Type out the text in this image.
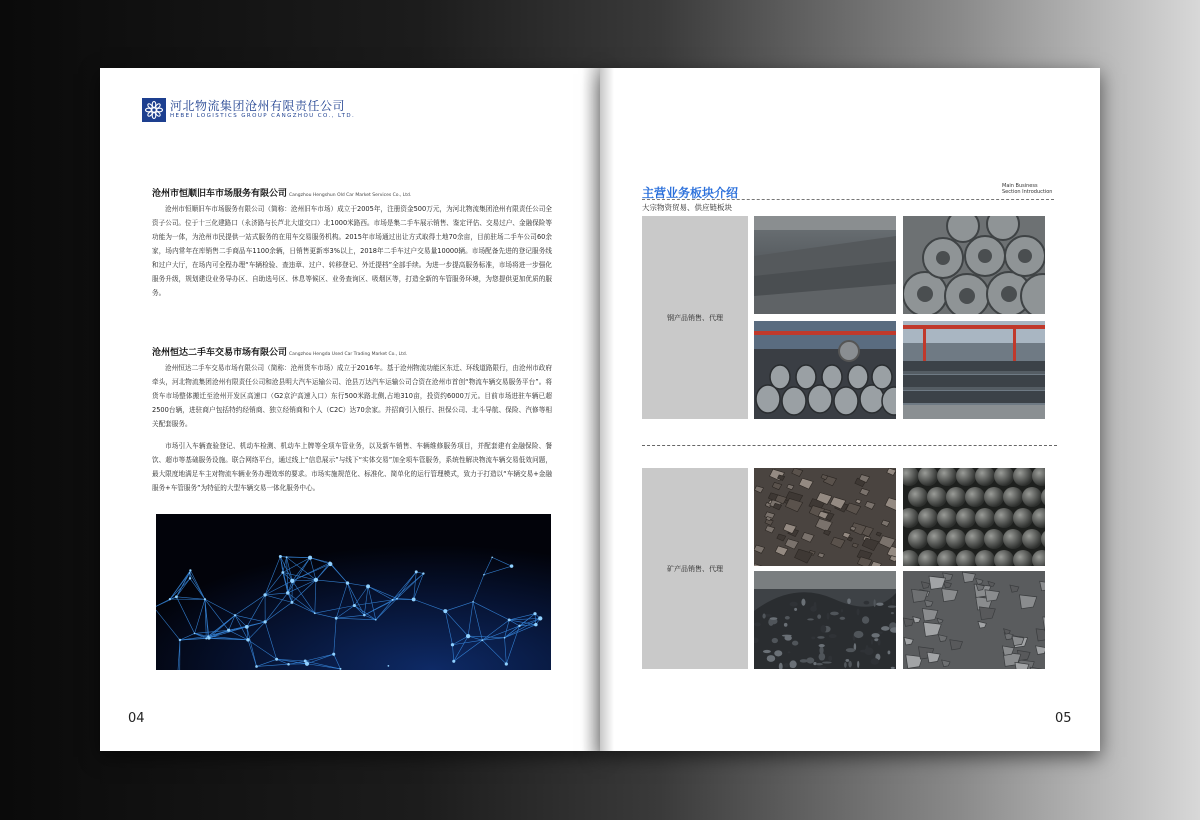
河北物流集团沧州有限责任公司
HEBEI LOGISTICS GROUP CANGZHOU CO., LTD.
沧州市恒顺旧车市场服务有限公司 Cangzhou Hengshun Old Car Market Services Co., Ltd.

沧州市恒顺旧车市场服务有限公司（简称：沧州旧车市场）成立于2005年，注册资金500万元，为河北物流集团沧州有限责任公司全资子公司。位于十三化建路口（永济路与长芦北大道交口）北1000米路西。市场是集二手车展示销售、鉴定评估、交易过户、金融保险等功能为一体，为沧州市民提供一站式服务的在用车交易服务机构。2015年市场通过出让方式取得土地70余亩，目前驻场二手车公司60余家，场内常年在库销售二手商品车1100余辆，日销售更新率3%以上，2018年二手车过户交易量10000辆。市场配备先进的登记服务线和过户大厅，在场内可全程办理“车辆检验、查违章、过户、转移登记、外迁提档”全部手续。为进一步提高服务标准，市场将进一步强化服务升级，规划建设业务导办区、自助选号区、休息等候区、业务查询区、吸烟区等，打造全新的车管服务环境，为您提供更加优质的服务。

沧州恒达二手车交易市场有限公司 Cangzhou Hengda Used Car Trading Market Co., Ltd.

沧州恒达二手车交易市场有限公司（简称：沧州货车市场）成立于2016年。基于沧州物流功能区东迁、环线道路限行，由沧州市政府牵头，河北物流集团沧州有限责任公司和沧县明大汽车运输公司、沧县万达汽车运输公司合资在沧州市首创“物流车辆交易服务平台”。将货车市场整体搬迁至沧州开发区高速口（G2京沪高速入口）东行500米路北侧,占地310亩，投资约6000万元。目前市场进驻车辆已超2500台辆，进驻商户包括特约经销商、独立经销商和个人（C2C）达70余家。并招商引入银行、担保公司、北斗导航、保险、汽修等相关配套服务。

市场引入车辆查验登记、机动车检测、机动车上牌等全项车管业务，以及新车销售、车辆维修服务项目，并配套建有金融保险、餐饮、超市等基础服务设施。联合网络平台，通过线上“信息展示”与线下“实体交易”加全项车管服务，系统性解决物流车辆交易低效问题，最大限度地满足车主对物流车辆业务办理效率的要求。市场实施规范化、标准化、简单化的运行管理模式，致力于打造以“车辆交易+金融服务+车管服务”为特征的大型车辆交易一体化服务中心。

04
主营业务板块介绍	Main Business
Section Introduction
大宗物资贸易、供应链板块
钢产品销售、代理
矿产品销售、代理
05
